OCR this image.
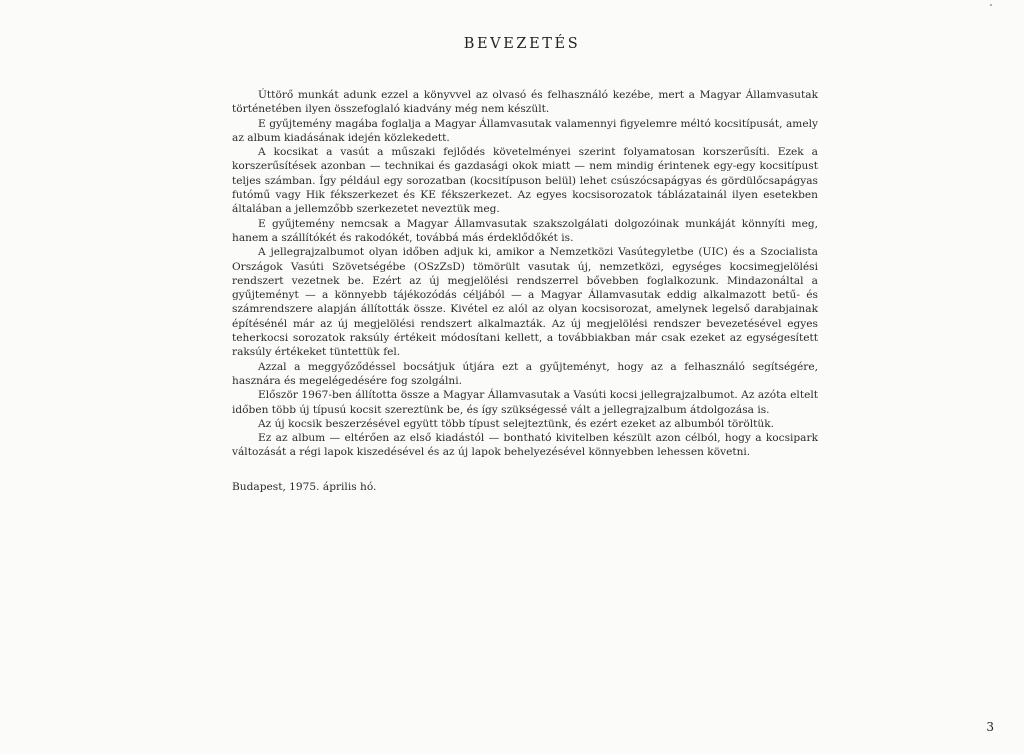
BEVEZETÉS

Úttörő munkát adunk ezzel a könyvvel az olvasó és felhasználó kezébe, mert a Magyar Államvasutak történetében ilyen összefoglaló kiadvány még nem készült.

E gyűjtemény magába foglalja a Magyar Államvasutak valamennyi figyelemre méltó kocsitípusát, amely az album kiadásának idején közlekedett.

A kocsikat a vasút a műszaki fejlődés követelményei szerint folyamatosan korszerűsíti. Ezek a korszerűsítések azonban — technikai és gazdasági okok miatt — nem mindig érintenek egy-egy kocsitípust teljes számban. Így például egy sorozatban (kocsitípuson belül) lehet csúszócsapágyas és gördülőcsapágyas futómű vagy Hik fékszerkezet és KE fékszerkezet. Az egyes kocsisorozatok táblázatainál ilyen esetekben általában a jellemzőbb szerkezetet neveztük meg.

E gyűjtemény nemcsak a Magyar Államvasutak szakszolgálati dolgozóinak munkáját könnyíti meg, hanem a szállítókét és rakodókét, továbbá más érdeklődőkét is.

A jellegrajzalbumot olyan időben adjuk ki, amikor a Nemzetközi Vasútegyletbe (UIC) és a Szocialista Országok Vasúti Szövetségébe (OSzZsD) tömörült vasutak új, nemzetközi, egységes kocsimegjelölési rendszert vezetnek be. Ezért az új megjelölési rendszerrel bővebben foglalkozunk. Mindazonáltal a gyűjteményt — a könnyebb tájékozódás céljából — a Magyar Államvasutak eddig alkalmazott betű- és számrendszere alapján állították össze. Kivétel ez alól az olyan kocsisorozat, amelynek legelső darabjainak építésénél már az új megjelölési rendszert alkalmazták. Az új megjelölési rendszer bevezetésével egyes teherkocsi sorozatok raksúly értékeit módosítani kellett, a továbbiakban már csak ezeket az egységesített raksúly értékeket tüntettük fel.

Azzal a meggyőződéssel bocsátjuk útjára ezt a gyűjteményt, hogy az a felhasználó segítségére, hasznára és megelégedésére fog szolgálni.

Először 1967-ben állította össze a Magyar Államvasutak a Vasúti kocsi jellegrajzalbumot. Az azóta eltelt időben több új típusú kocsit szereztünk be, és így szükségessé vált a jellegrajzalbum átdolgozása is.

Az új kocsik beszerzésével együtt több típust selejteztünk, és ezért ezeket az albumból töröltük.

Ez az album — eltérően az első kiadástól — bontható kivitelben készült azon célból, hogy a kocsipark változását a régi lapok kiszedésével és az új lapok behelyezésével könnyebben lehessen követni.

Budapest, 1975. április hó.

3
